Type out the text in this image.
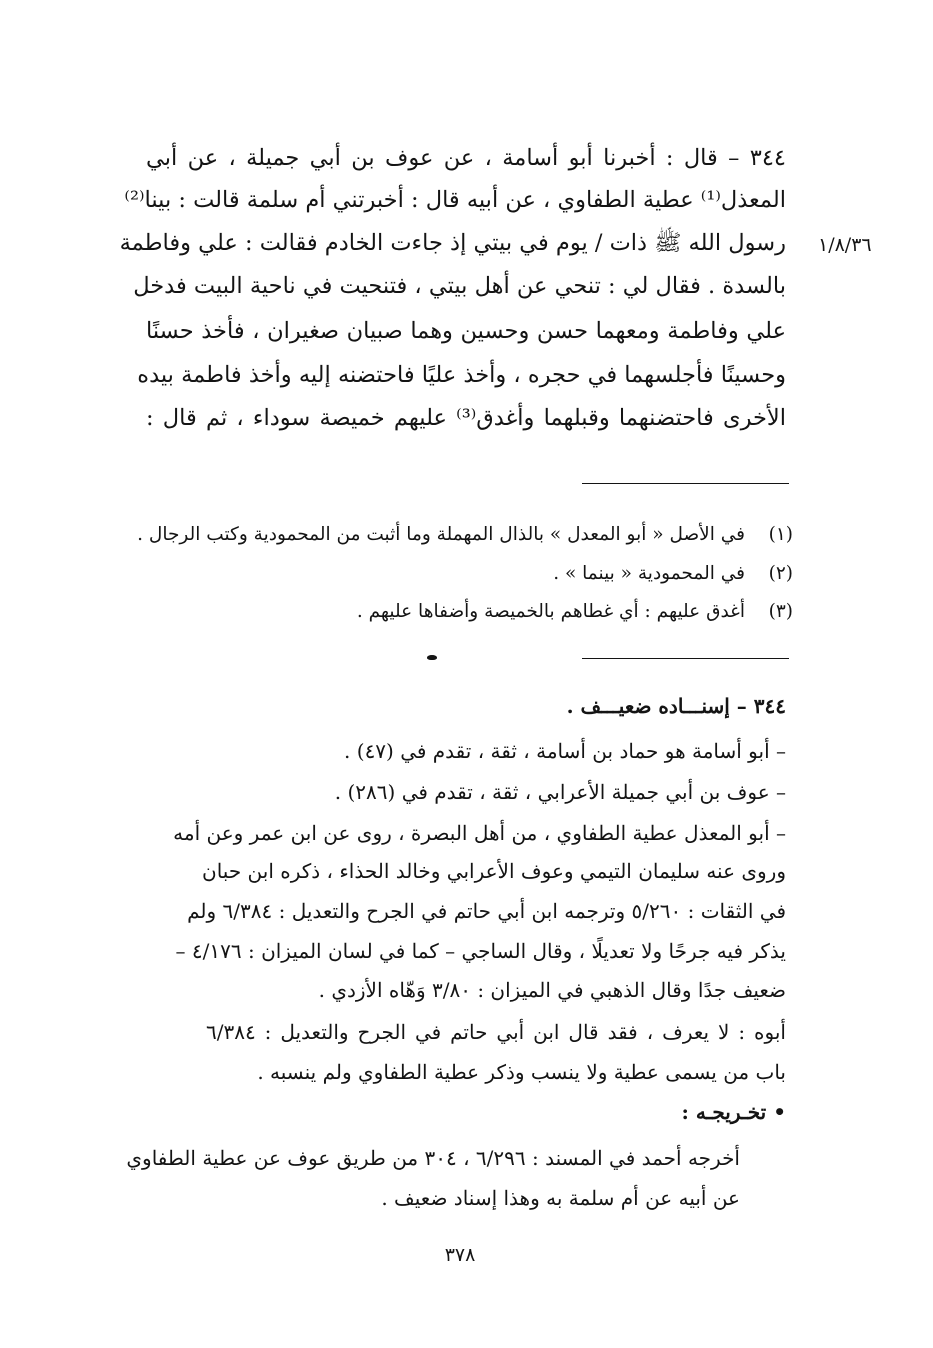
٣٤٤ – قال : أخبرنا أبو أسامة ، عن عوف بن أبي جميلة ، عن أبي
المعذل⁽¹⁾ عطية الطفاوي ، عن أبيه قال : أخبرتني أم سلمة قالت : بينا⁽²⁾
رسول الله ﷺ ذات / يوم في بيتي إذ جاءت الخادم فقالت : علي وفاطمة
بالسدة . فقال لي : تنحي عن أهل بيتي ، فتنحيت في ناحية البيت فدخل
علي وفاطمة ومعهما حسن وحسين وهما صبيان صغيران ، فأخذ حسنًا
وحسينًا فأجلسهما في حجره ، وأخذ عليًا فاحتضنه إليه وأخذ فاطمة بيده
الأخرى فاحتضنهما وقبلهما وأغدق⁽³⁾ عليهم خميصة سوداء ، ثم قال :
١/٨/٣٦
(١)في الأصل « أبو المعدل » بالذال المهملة وما أثبت من المحمودية وكتب الرجال .
(٢)في المحمودية « بينما » .
(٣)أغدق عليهم : أي غطاهم بالخميصة وأضفاها عليهم .
٣٤٤ – إسنـــاده ضعيـــف .
– أبو أسامة هو حماد بن أسامة ، ثقة ، تقدم في (٤٧) .
– عوف بن أبي جميلة الأعرابي ، ثقة ، تقدم في (٢٨٦) .
– أبو المعذل عطية الطفاوي ، من أهل البصرة ، روى عن ابن عمر وعن أمه
وروى عنه سليمان التيمي وعوف الأعرابي وخالد الحذاء ، ذكره ابن حبان
في الثقات : ٥/٢٦٠ وترجمه ابن أبي حاتم في الجرح والتعديل : ٦/٣٨٤ ولم
يذكر فيه جرحًا ولا تعديلًا ، وقال الساجي – كما في لسان الميزان : ٤/١٧٦ –
ضعيف جدًا وقال الذهبي في الميزان : ٣/٨٠ وَهّاه الأزدي .
أبوه : لا يعرف ، فقد قال ابن أبي حاتم في الجرح والتعديل : ٦/٣٨٤
باب من يسمى عطية ولا ينسب وذكر عطية الطفاوي ولم ينسبه .
• تخـريجـه :
أخرجه أحمد في المسند : ٦/٢٩٦ ، ٣٠٤ من طريق عوف عن عطية الطفاوي
عن أبيه عن أم سلمة به وهذا إسناد ضعيف .
٣٧٨
